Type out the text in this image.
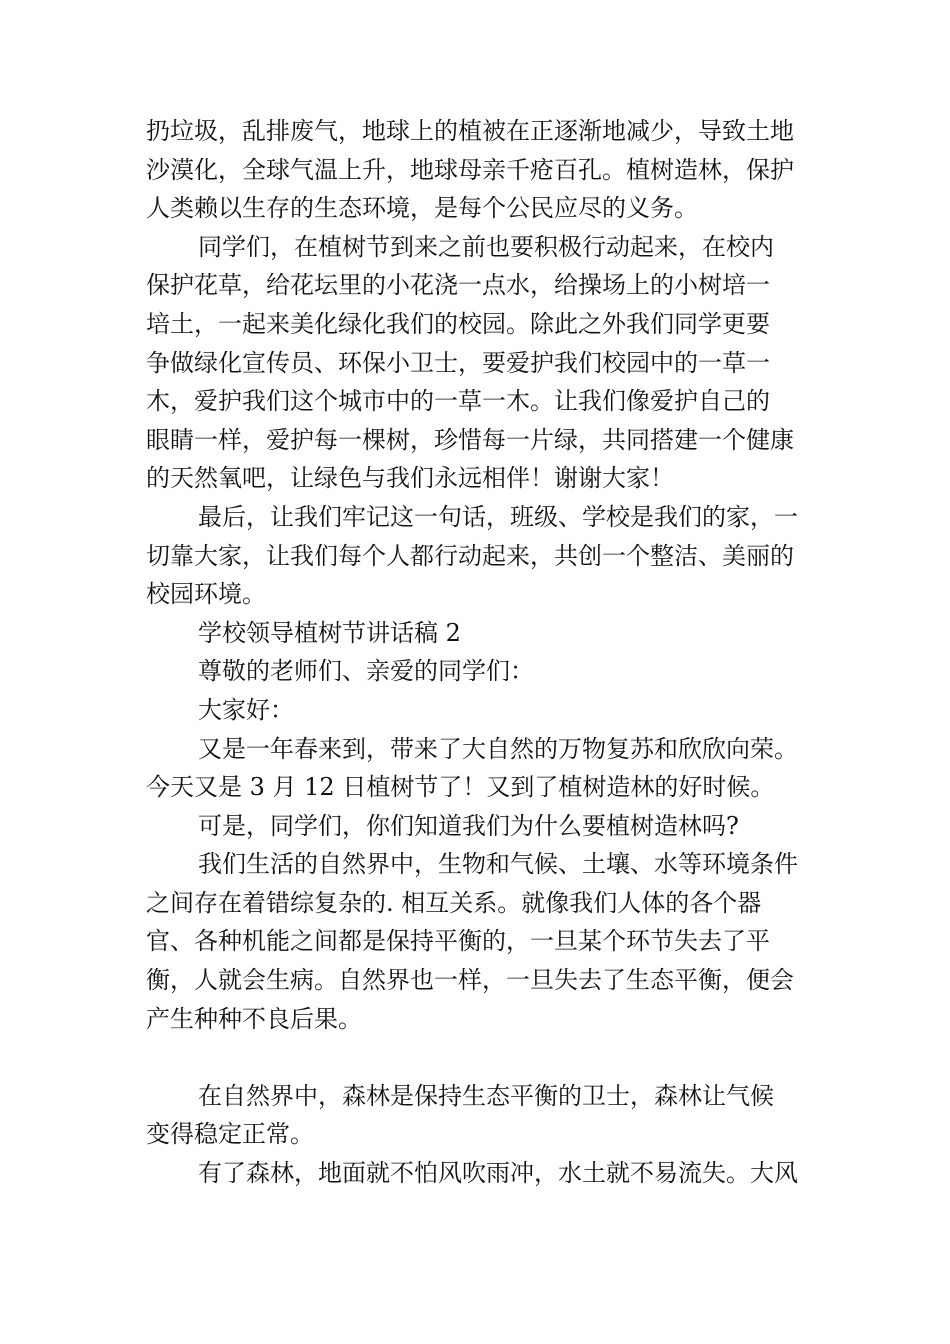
扔垃圾，乱排废气，地球上的植被在正逐渐地减少，导致土地
沙漠化，全球气温上升，地球母亲千疮百孔。植树造林，保护
人类赖以生存的生态环境，是每个公民应尽的义务。
同学们，在植树节到来之前也要积极行动起来，在校内
保护花草，给花坛里的小花浇一点水，给操场上的小树培一
培土，一起来美化绿化我们的校园。除此之外我们同学更要
争做绿化宣传员、环保小卫士，要爱护我们校园中的一草一
木，爱护我们这个城市中的一草一木。让我们像爱护自己的
眼睛一样，爱护每一棵树，珍惜每一片绿，共同搭建一个健康
的天然氧吧，让绿色与我们永远相伴！谢谢大家！
最后，让我们牢记这一句话，班级、学校是我们的家，一
切靠大家，让我们每个人都行动起来，共创一个整洁、美丽的
校园环境。
学校领导植树节讲话稿 2
尊敬的老师们、亲爱的同学们：
大家好：
又是一年春来到，带来了大自然的万物复苏和欣欣向荣。
今天又是 3 月 12 日植树节了！又到了植树造林的好时候。
可是，同学们，你们知道我们为什么要植树造林吗?
我们生活的自然界中，生物和气候、土壤、水等环境条件
之间存在着错综复杂的. 相互关系。就像我们人体的各个器
官、各种机能之间都是保持平衡的，一旦某个环节失去了平
衡，人就会生病。自然界也一样，一旦失去了生态平衡，便会
产生种种不良后果。
在自然界中，森林是保持生态平衡的卫士，森林让气候
变得稳定正常。
有了森林，地面就不怕风吹雨冲，水土就不易流失。大风
